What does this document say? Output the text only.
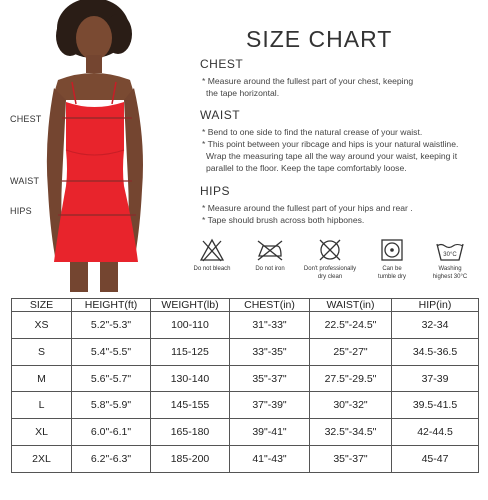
CHEST
WAIST
HIPS
SIZE CHART
CHEST
* Measure around the fullest part of your chest, keeping
the tape horizontal.
WAIST
* Bend to one side to find the natural crease of your waist.
* This point between your ribcage and hips is your natural waistline.
Wrap the measuring tape all the way around your waist, keeping it
parallel to the floor. Keep the tape comfortably loose.
HIPS
* Measure around the fullest part of your hips and rear .
* Tape should brush across both hipbones.
Do not bleach	Do not iron	Don't professionally
dry clean
Can be
tumble dry
30°C
Washing
highest 30°C
SIZE	HEIGHT(ft)	WEIGHT(lb)	CHEST(in)	WAIST(in)	HIP(in)
XS	5.2"-5.3"	100-110	31"-33"	22.5"-24.5"	32-34
S	5.4"-5.5"	115-125	33"-35"	25"-27"	34.5-36.5
M	5.6"-5.7"	130-140	35"-37"	27.5"-29.5"	37-39
L	5.8"-5.9"	145-155	37"-39"	30"-32"	39.5-41.5
XL	6.0"-6.1"	165-180	39"-41"	32.5"-34.5"	42-44.5
2XL	6.2"-6.3"	185-200	41"-43"	35"-37"	45-47
